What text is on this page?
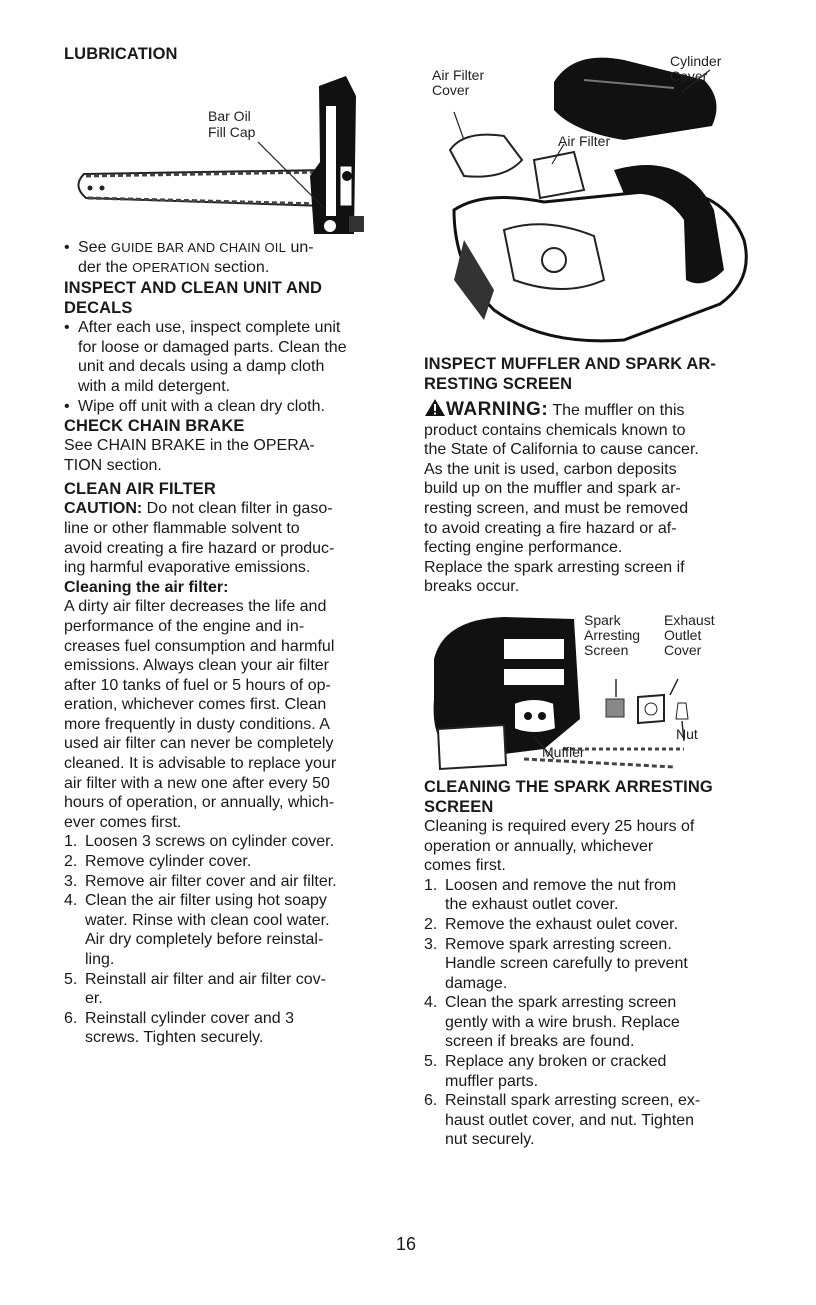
LUBRICATION
Bar Oil
Fill Cap
• See GUIDE BAR AND CHAIN OIL un-
der the OPERATION section.
INSPECT AND CLEAN UNIT AND
DECALS
• After each use, inspect complete unit
for loose or damaged parts. Clean the
unit and decals using a damp cloth
with a mild detergent.
• Wipe off unit with a clean dry cloth.
CHECK CHAIN BRAKE
See CHAIN BRAKE in the OPERA-
TION section.
CLEAN AIR FILTER
CAUTION: Do not clean filter in gaso-
line or other flammable solvent to
avoid creating a fire hazard or produc-
ing harmful evaporative emissions.
Cleaning the air filter:
A dirty air filter decreases the life and
performance of the engine and in-
creases fuel consumption and harmful
emissions. Always clean your air filter
after 10 tanks of fuel or 5 hours of op-
eration, whichever comes first. Clean
more frequently in dusty conditions. A
used air filter can never be completely
cleaned. It is advisable to replace your
air filter with a new one after every 50
hours of operation, or annually, which-
ever comes first.
1. Loosen 3 screws on cylinder cover.
2. Remove cylinder cover.
3. Remove air filter cover and air filter.
4. Clean the air filter using hot soapy
water. Rinse with clean cool water.
Air dry completely before reinstal-
ling.
5. Reinstall air filter and air filter cov-
er.
6. Reinstall cylinder cover and 3
screws. Tighten securely.
Air Filter
Cover
Cylinder
Cover
Air Filter
INSPECT MUFFLER AND SPARK AR-
RESTING SCREEN
WARNING: The muffler on this
product contains chemicals known to
the State of California to cause cancer.
As the unit is used, carbon deposits
build up on the muffler and spark ar-
resting screen, and must be removed
to avoid creating a fire hazard or af-
fecting engine performance.
Replace the spark arresting screen if
breaks occur.
Spark
Arresting
Screen
Exhaust
Outlet
Cover
Nut
Muffler
CLEANING THE SPARK ARRESTING
SCREEN
Cleaning is required every 25 hours of
operation or annually, whichever
comes first.
1. Loosen and remove the nut from
the exhaust outlet cover.
2. Remove the exhaust oulet cover.
3. Remove spark arresting screen.
Handle screen carefully to prevent
damage.
4. Clean the spark arresting screen
gently with a wire brush. Replace
screen if breaks are found.
5. Replace any broken or cracked
muffler parts.
6. Reinstall spark arresting screen, ex-
haust outlet cover, and nut. Tighten
nut securely.
16
